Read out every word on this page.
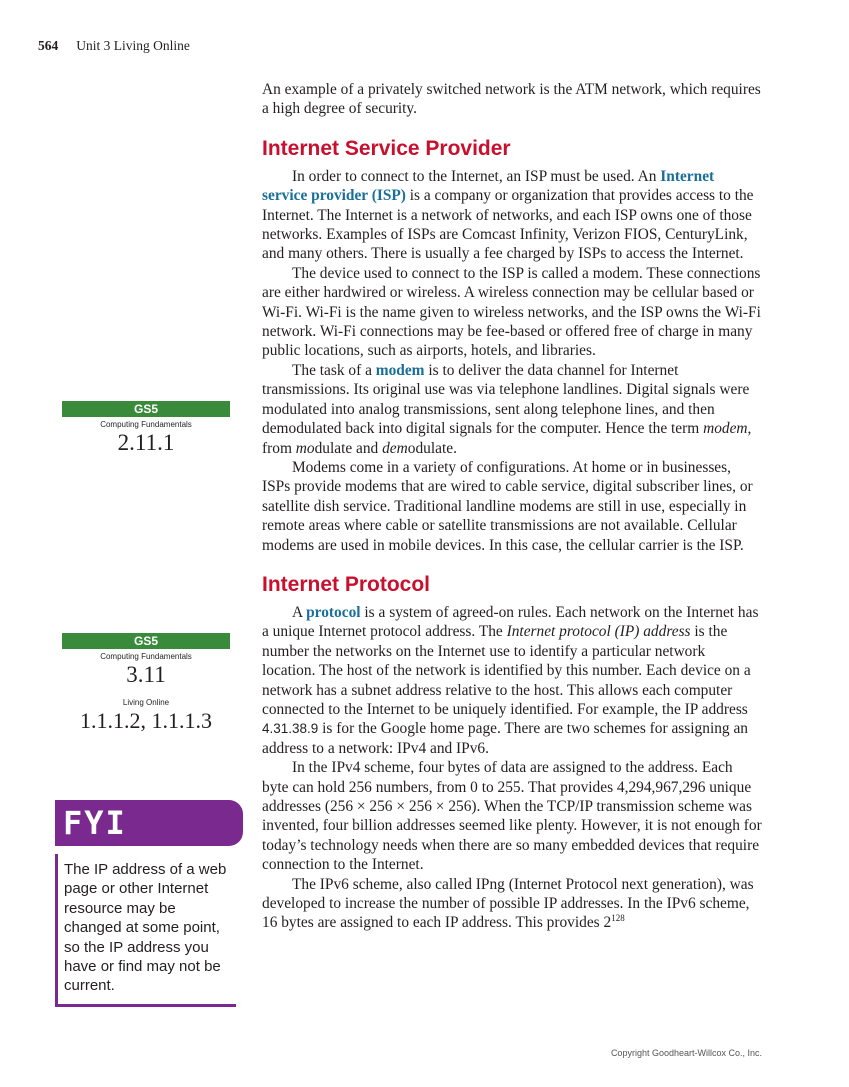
564 Unit 3 Living Online

An example of a privately switched network is the ATM network, which requires a high degree of security.

Internet Service Provider

In order to connect to the Internet, an ISP must be used. An Internet service provider (ISP) is a company or organization that provides access to the Internet. The Internet is a network of networks, and each ISP owns one of those networks. Examples of ISPs are Comcast Infinity, Verizon FIOS, CenturyLink, and many others. There is usually a fee charged by ISPs to access the Internet.

The device used to connect to the ISP is called a modem. These connections are either hardwired or wireless. A wireless connection may be cellular based or Wi-Fi. Wi-Fi is the name given to wireless networks, and the ISP owns the Wi-Fi network. Wi-Fi connections may be fee-based or offered free of charge in many public locations, such as airports, hotels, and libraries.

The task of a modem is to deliver the data channel for Internet transmissions. Its original use was via telephone landlines. Digital signals were modulated into analog transmissions, sent along telephone lines, and then demodulated back into digital signals for the computer. Hence the term modem, from modulate and demodulate.

Modems come in a variety of configurations. At home or in businesses, ISPs provide modems that are wired to cable service, digital subscriber lines, or satellite dish service. Traditional landline modems are still in use, especially in remote areas where cable or satellite transmissions are not available. Cellular modems are used in mobile devices. In this case, the cellular carrier is the ISP.

Internet Protocol

A protocol is a system of agreed-on rules. Each network on the Internet has a unique Internet protocol address. The Internet protocol (IP) address is the number the networks on the Internet use to identify a particular network location. The host of the network is identified by this number. Each device on a network has a subnet address relative to the host. This allows each computer connected to the Internet to be uniquely identified. For example, the IP address 4.31.38.9 is for the Google home page. There are two schemes for assigning an address to a network: IPv4 and IPv6.

In the IPv4 scheme, four bytes of data are assigned to the address. Each byte can hold 256 numbers, from 0 to 255. That provides 4,294,967,296 unique addresses (256 × 256 × 256 × 256). When the TCP/IP transmission scheme was invented, four billion addresses seemed like plenty. However, it is not enough for today’s technology needs when there are so many embedded devices that require connection to the Internet.

The IPv6 scheme, also called IPng (Internet Protocol next generation), was developed to increase the number of possible IP addresses. In the IPv6 scheme, 16 bytes are assigned to each IP address. This provides $2^{128}$

GS5
Computing Fundamentals
2.11.1
GS5
Computing Fundamentals
3.11
Living Online
1.1.1.2, 1.1.1.3
FYI
The IP address of a web page or other Internet resource may be changed at some point, so the IP address you have or find may not be current.
Copyright Goodheart-Willcox Co., Inc.
